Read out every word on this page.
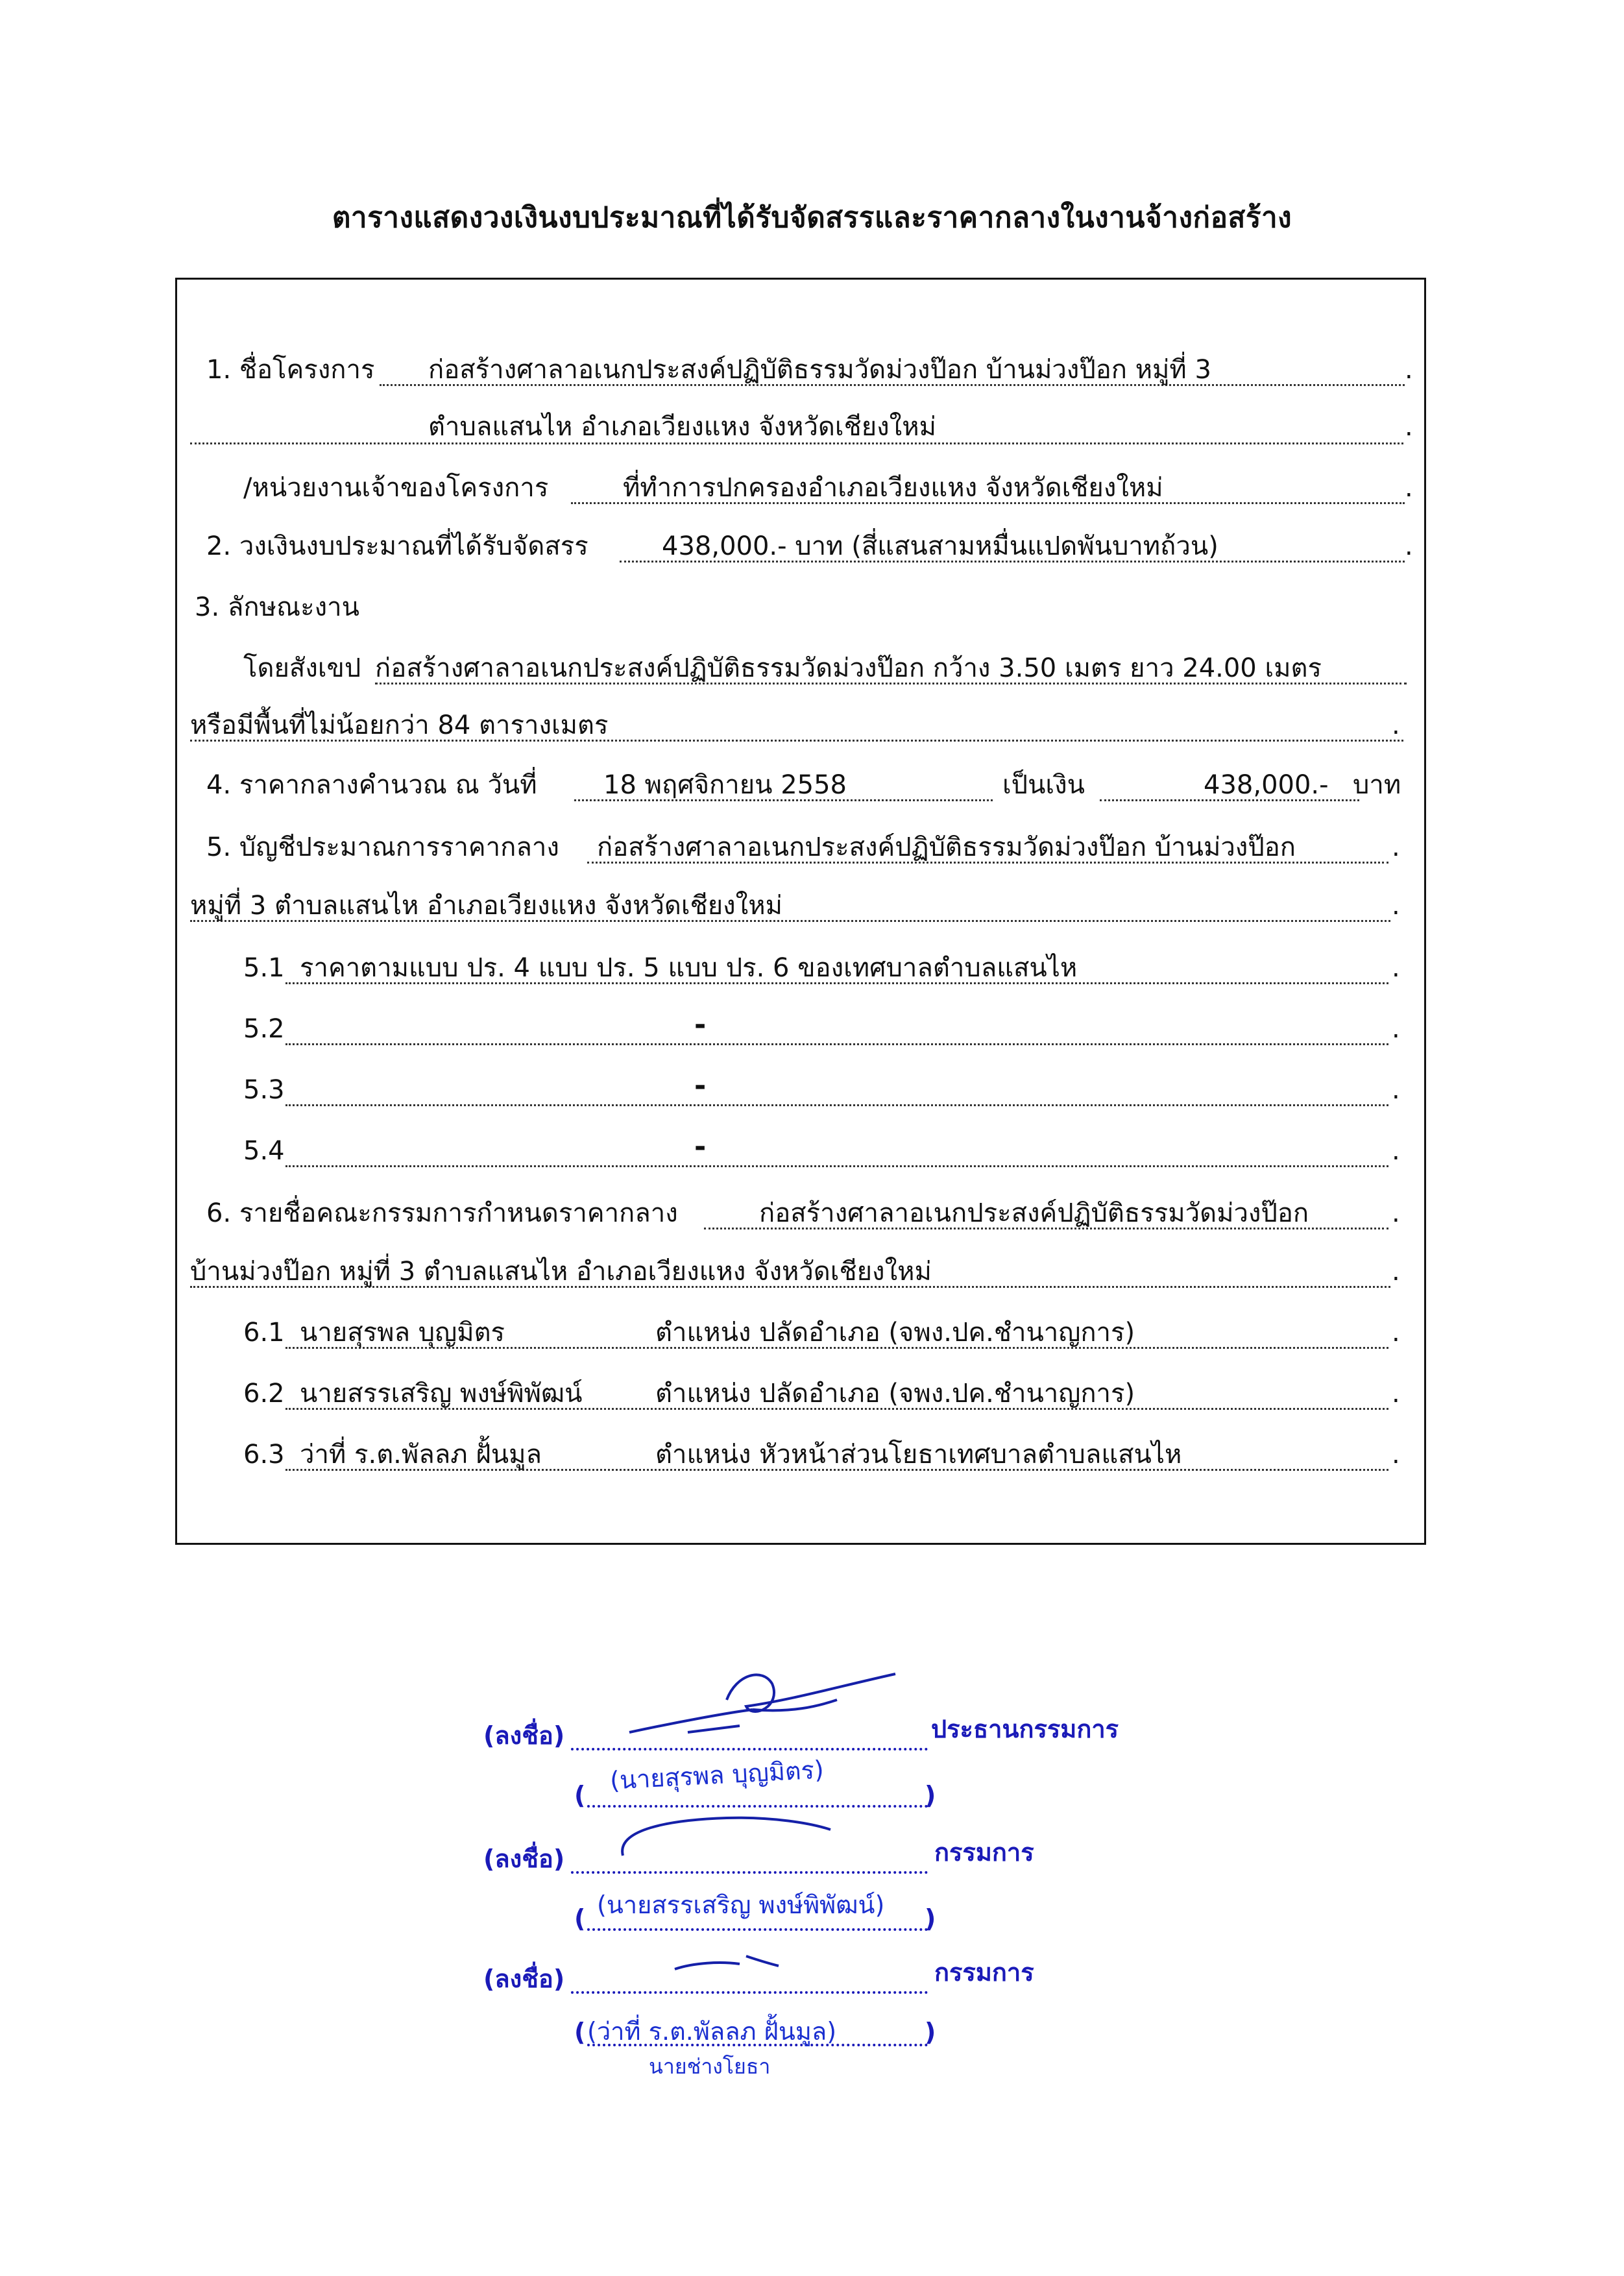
ตารางแสดงวงเงินงบประมาณที่ได้รับจัดสรรและราคากลางในงานจ้างก่อสร้าง
1. ชื่อโครงการ ก่อสร้างศาลาอเนกประสงค์ปฏิบัติธรรมวัดม่วงป๊อก บ้านม่วงป๊อก หมู่ที่ 3	.
ตำบลแสนไห อำเภอเวียงแหง จังหวัดเชียงใหม่	.
/หน่วยงานเจ้าของโครงการ	ที่ทำการปกครองอำเภอเวียงแหง จังหวัดเชียงใหม่	.
2. วงเงินงบประมาณที่ได้รับจัดสรร	438,000.- บาท (สี่แสนสามหมื่นแปดพันบาทถ้วน)	.
3. ลักษณะงาน
โดยสังเขป ก่อสร้างศาลาอเนกประสงค์ปฏิบัติธรรมวัดม่วงป๊อก กว้าง 3.50 เมตร ยาว 24.00 เมตร
หรือมีพื้นที่ไม่น้อยกว่า 84 ตารางเมตร	.
4. ราคากลางคำนวณ ณ วันที่	18 พฤศจิกายน 2558	เป็นเงิน	438,000.- บาท
5. บัญชีประมาณการราคากลาง ก่อสร้างศาลาอเนกประสงค์ปฏิบัติธรรมวัดม่วงป๊อก บ้านม่วงป๊อก	.
หมู่ที่ 3 ตำบลแสนไห อำเภอเวียงแหง จังหวัดเชียงใหม่	.
5.1 ราคาตามแบบ ปร. 4 แบบ ปร. 5 แบบ ปร. 6 ของเทศบาลตำบลแสนไห	.
5.2	-	.
5.3	-	.
5.4	-	.
6. รายชื่อคณะกรรมการกำหนดราคากลาง	ก่อสร้างศาลาอเนกประสงค์ปฏิบัติธรรมวัดม่วงป๊อก	.
บ้านม่วงป๊อก หมู่ที่ 3 ตำบลแสนไห อำเภอเวียงแหง จังหวัดเชียงใหม่	.
6.1 นายสุรพล บุญมิตร	ตำแหน่ง ปลัดอำเภอ (จพง.ปค.ชำนาญการ)	.
6.2 นายสรรเสริญ พงษ์พิพัฒน์	ตำแหน่ง ปลัดอำเภอ (จพง.ปค.ชำนาญการ)	.
6.3 ว่าที่ ร.ต.พัลลภ ฝั้นมูล	ตำแหน่ง หัวหน้าส่วนโยธาเทศบาลตำบลแสนไห	.
(ลงชื่อ)	ประธานกรรมการ
(	)
(นายสุรพล บุญมิตร)
(ลงชื่อ)	กรรมการ
(	)
(นายสรรเสริญ พงษ์พิพัฒน์)
(ลงชื่อ)	กรรมการ
(	)
(ว่าที่ ร.ต.พัลลภ ฝั้นมูล)
นายช่างโยธา
